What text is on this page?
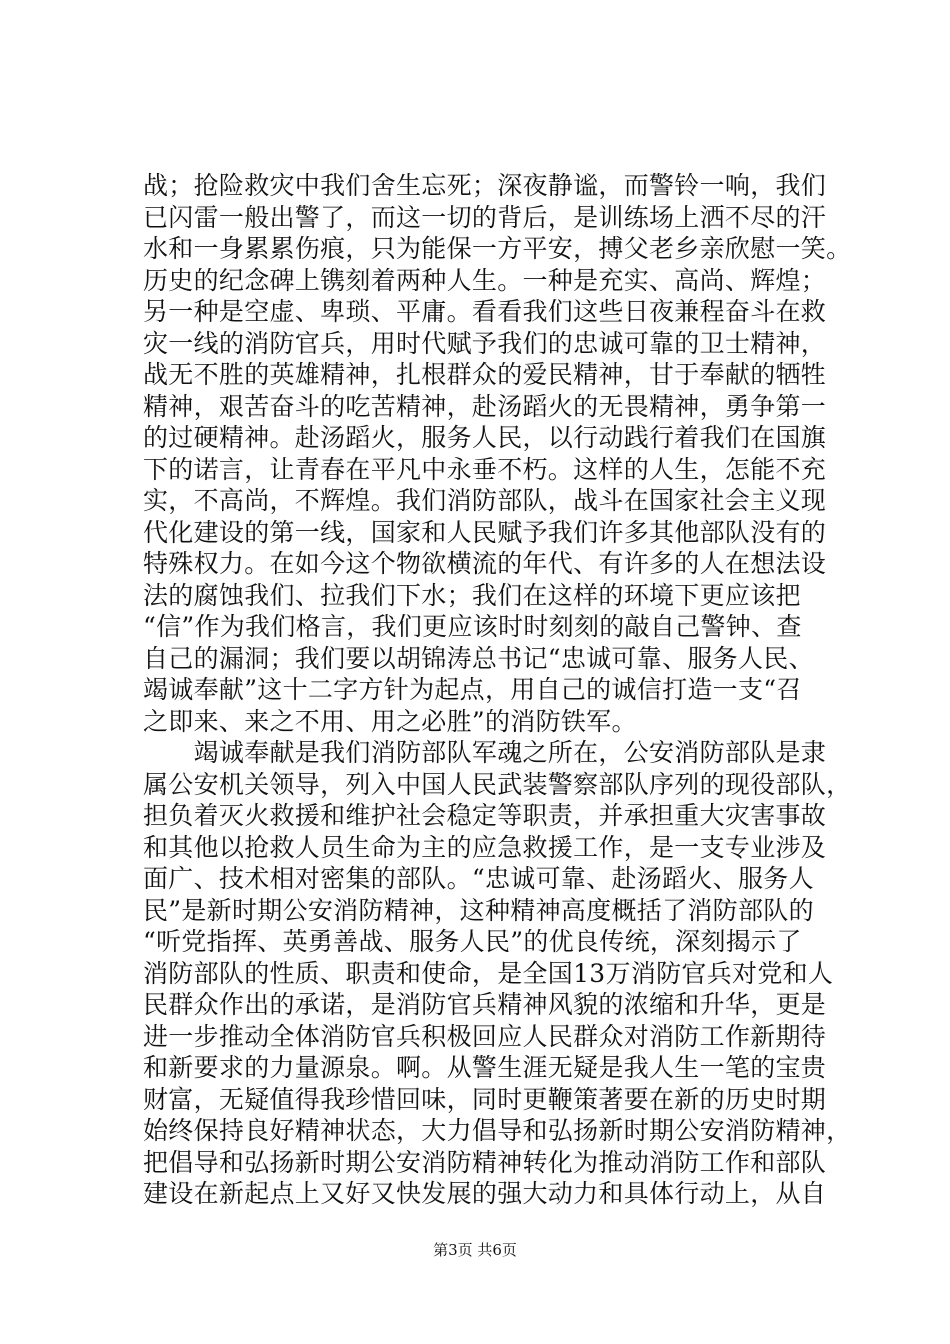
战；抢险救灾中我们舍生忘死；深夜静谧，而警铃一响，我们
已闪雷一般出警了，而这一切的背后，是训练场上洒不尽的汗
水和一身累累伤痕，只为能保一方平安，搏父老乡亲欣慰一笑。
历史的纪念碑上镌刻着两种人生。一种是充实、高尚、辉煌；
另一种是空虚、卑琐、平庸。看看我们这些日夜兼程奋斗在救
灾一线的消防官兵，用时代赋予我们的忠诚可靠的卫士精神，
战无不胜的英雄精神，扎根群众的爱民精神，甘于奉献的牺牲
精神，艰苦奋斗的吃苦精神，赴汤蹈火的无畏精神，勇争第一
的过硬精神。赴汤蹈火，服务人民，以行动践行着我们在国旗
下的诺言，让青春在平凡中永垂不朽。这样的人生，怎能不充
实，不高尚，不辉煌。我们消防部队，战斗在国家社会主义现
代化建设的第一线，国家和人民赋予我们许多其他部队没有的
特殊权力。在如今这个物欲横流的年代、有许多的人在想法设
法的腐蚀我们、拉我们下水；我们在这样的环境下更应该把
“信”作为我们格言，我们更应该时时刻刻的敲自己警钟、查
自己的漏洞；我们要以胡锦涛总书记“忠诚可靠、服务人民、
竭诚奉献”这十二字方针为起点，用自己的诚信打造一支“召
之即来、来之不用、用之必胜”的消防铁军。
　　竭诚奉献是我们消防部队军魂之所在，公安消防部队是隶
属公安机关领导，列入中国人民武装警察部队序列的现役部队，
担负着灭火救援和维护社会稳定等职责，并承担重大灾害事故
和其他以抢救人员生命为主的应急救援工作，是一支专业涉及
面广、技术相对密集的部队。“忠诚可靠、赴汤蹈火、服务人
民”是新时期公安消防精神，这种精神高度概括了消防部队的
“听党指挥、英勇善战、服务人民”的优良传统，深刻揭示了
消防部队的性质、职责和使命，是全国13万消防官兵对党和人
民群众作出的承诺，是消防官兵精神风貌的浓缩和升华，更是
进一步推动全体消防官兵积极回应人民群众对消防工作新期待
和新要求的力量源泉。啊。从警生涯无疑是我人生一笔的宝贵
财富，无疑值得我珍惜回味，同时更鞭策著要在新的历史时期
始终保持良好精神状态，大力倡导和弘扬新时期公安消防精神，
把倡导和弘扬新时期公安消防精神转化为推动消防工作和部队
建设在新起点上又好又快发展的强大动力和具体行动上，从自
第3页 共6页
